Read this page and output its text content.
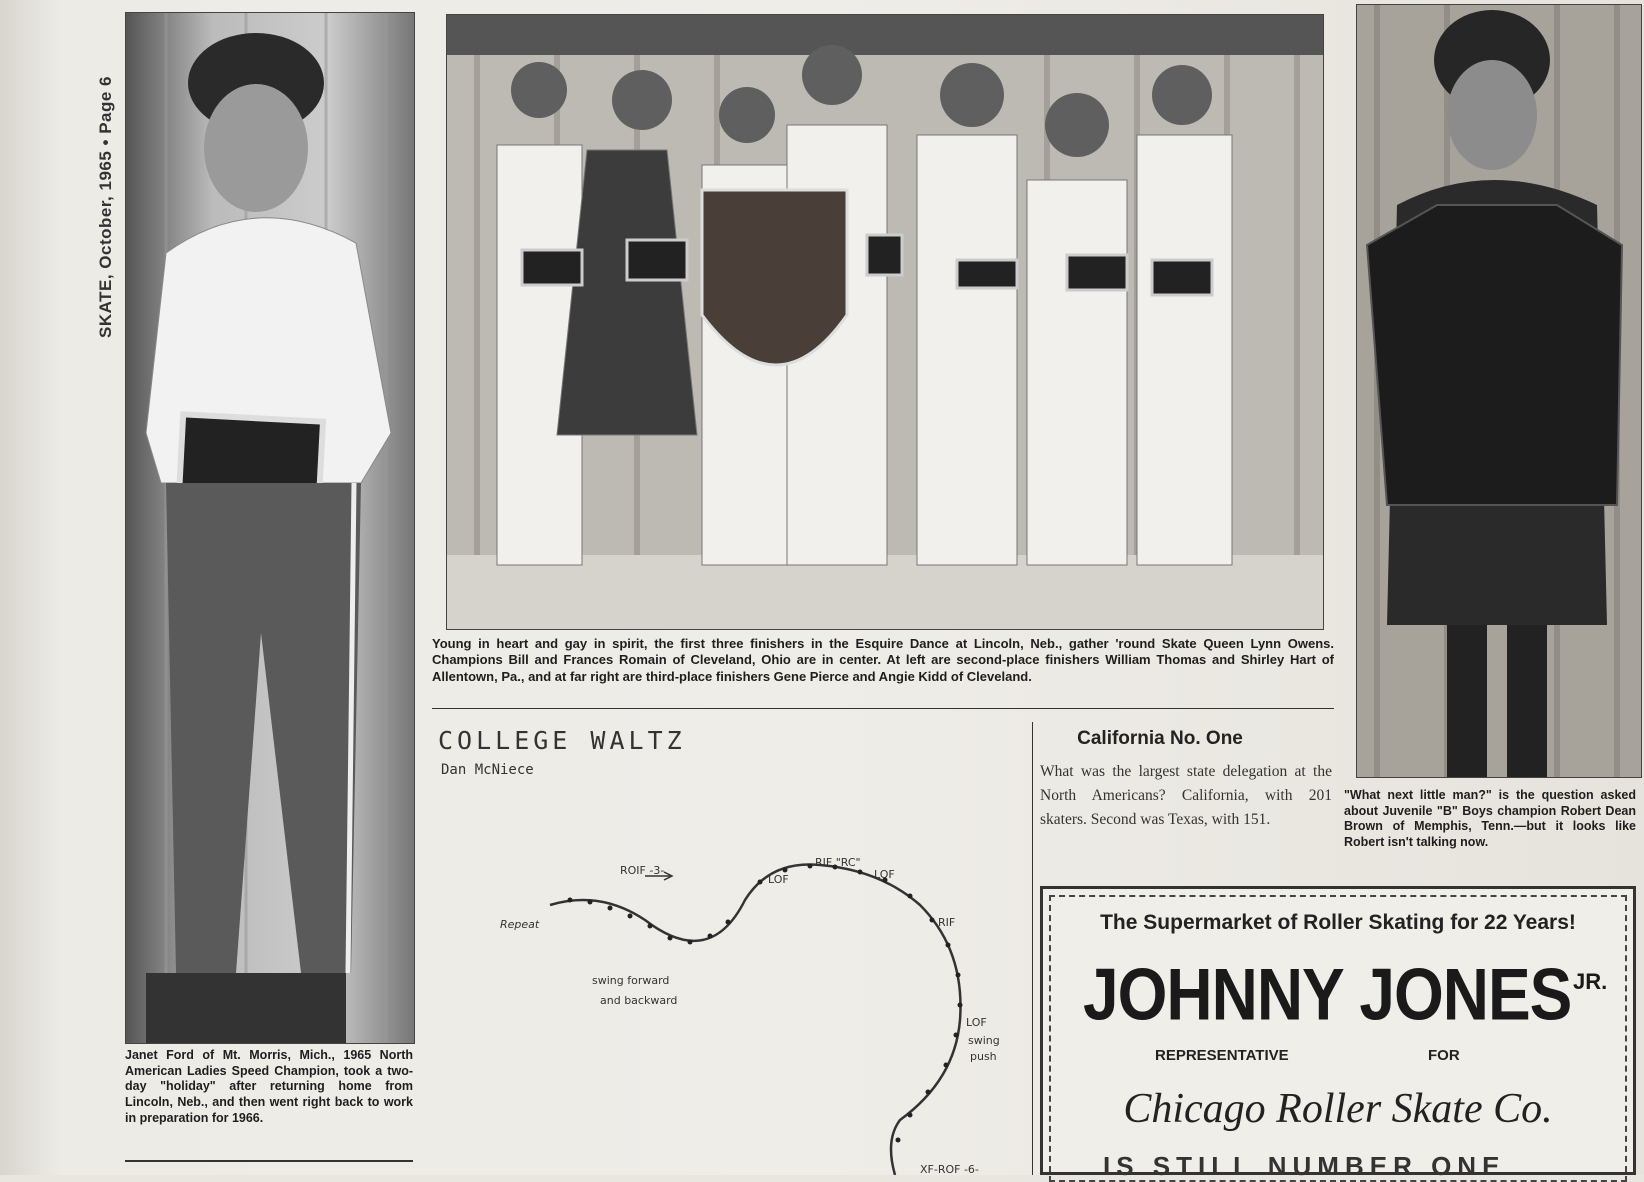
SKATE, October, 1965 • Page 6
Janet Ford of Mt. Morris, Mich., 1965 North American Ladies Speed Champion, took a two-day "holiday" after returning home from Lincoln, Neb., and then went right back to work in preparation for 1966.
Young in heart and gay in spirit, the first three finishers in the Esquire Dance at Lincoln, Neb., gather 'round Skate Queen Lynn Owens. Champions Bill and Frances Romain of Cleveland, Ohio are in center. At left are second-place finishers William Thomas and Shirley Hart of Allentown, Pa., and at far right are third-place finishers Gene Pierce and Angie Kidd of Cleveland.
"What next little man?" is the question asked about Juvenile "B" Boys champion Robert Dean Brown of Memphis, Tenn.—but it looks like Robert isn't talking now.
COLLEGE WALTZ
Dan McNiece
ROIF -3-
Repeat
swing forward
and backward
LOF
RIF "RC"
LOF
RIF
LOF
swing
push
XF-ROF -6-
California No. One
What was the largest state delegation at the North Americans? California, with 201 skaters. Second was Texas, with 151.
The Supermarket of Roller Skating for 22 Years!
JOHNNY JONES JR.
REPRESENTATIVE	FOR
Chicago Roller Skate Co.
IS STILL NUMBER ONE
